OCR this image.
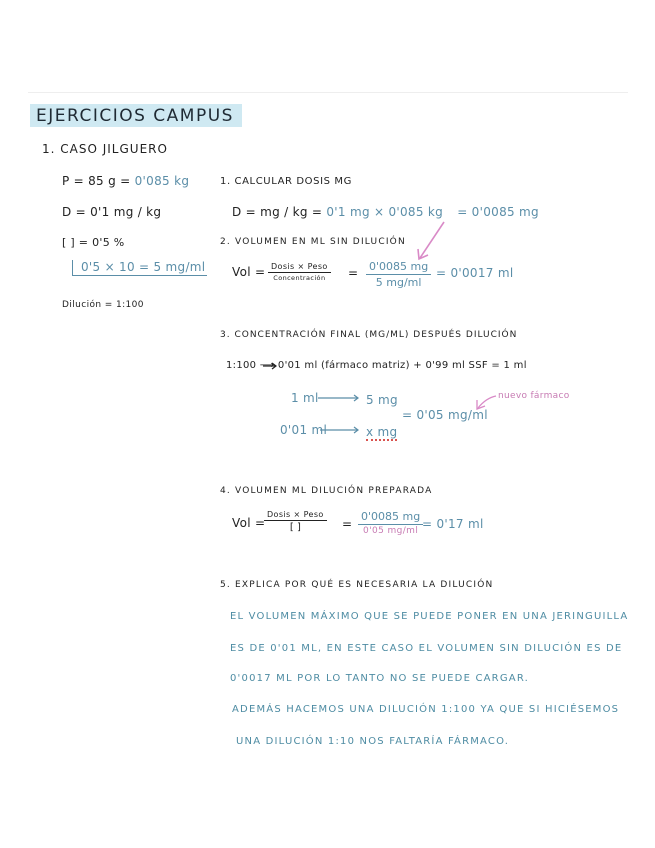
EJERCICIOS CAMPUS
1. CASO JILGUERO
P = 85 g = 0'085 kg
D = 0'1 mg / kg
[ ] = 0'5 %
0'5 × 10 = 5 mg/ml
Dilución = 1:100
1. CALCULAR DOSIS MG
D = mg / kg = 0'1 mg × 0'085 kg = 0'0085 mg
2. VOLUMEN EN ML SIN DILUCIÓN
Vol = Dosis × Peso
Concentración = $\frac{0'0085 mg}{5 mg/ml} = 0'0017$ ml
3. CONCENTRACIÓN FINAL (MG/ML) DESPUÉS DILUCIÓN
1:100 ⟶ 0'01 ml (fármaco matriz) + 0'99 ml SSF = 1 ml
1 ml	5 mg
0'01 ml	x mg
= 0'05 mg/ml
nuevo fármaco
4. VOLUMEN ML DILUCIÓN PREPARADA
Vol =
Dosis × Peso
[ ]	=
0'0085 mg
0'05 mg/ml = 0'17 ml
5. EXPLICA POR QUÉ ES NECESARIA LA DILUCIÓN
EL VOLUMEN MÁXIMO QUE SE PUEDE PONER EN UNA JERINGUILLA
ES DE 0'01 ML, EN ESTE CASO EL VOLUMEN SIN DILUCIÓN ES DE
0'0017 ML POR LO TANTO NO SE PUEDE CARGAR.
ADEMÁS HACEMOS UNA DILUCIÓN 1:100 YA QUE SI HICIÉSEMOS
UNA DILUCIÓN 1:10 NOS FALTARÍA FÁRMACO.
